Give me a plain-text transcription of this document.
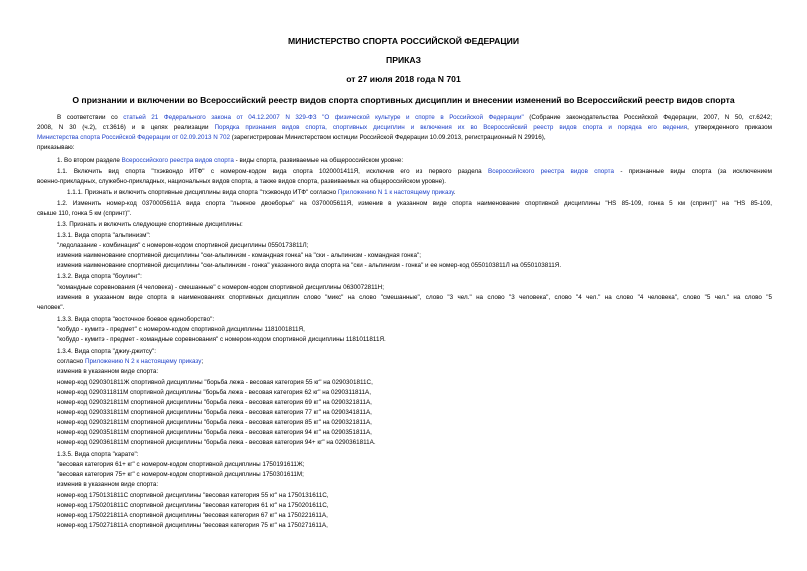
МИНИСТЕРСТВО СПОРТА РОССИЙСКОЙ ФЕДЕРАЦИИ
ПРИКАЗ
от 27 июля 2018 года N 701
О признании и включении во Всероссийский реестр видов спорта спортивных дисциплин и внесении изменений во Всероссийский реестр видов спорта
В соответствии со статьей 21 Федерального закона от 04.12.2007 N 329-ФЗ "О физической культуре и спорте в Российской Федерации" (Собрание законодательства Российской Федерации, 2007, N 50, ст.6242;
2008, N 30 (ч.2), ст.3616) и в целях реализации Порядка признания видов спорта, спортивных дисциплин и включения их во Всероссийский реестр видов спорта и порядка его ведения, утвержденного приказом
Министерства спорта Российской Федерации от 02.09.2013 N 702 (зарегистрирован Министерством юстиции Российской Федерации 10.09.2013, регистрационный N 29916),
приказываю:
1. Во втором разделе Всероссийского реестра видов спорта - виды спорта, развиваемые на общероссийском уровне:
1.1. Включить вид спорта "тхэквондо ИТФ" с номером-кодом вида спорта 1020001411Я, исключив его из первого раздела Всероссийского реестра видов спорта - признанные виды спорта (за исключением
военно-прикладных, служебно-прикладных, национальных видов спорта, а также видов спорта, развиваемых на общероссийском уровне).
1.1.1. Признать и включить спортивные дисциплины вида спорта "тхэквондо ИТФ" согласно Приложению N 1 к настоящему приказу.
1.2. Изменить номер-код 0370005611А вида спорта "лыжное двоеборье" на 0370005611Я, изменив в указанном виде спорта наименование спортивной дисциплины "HS 85-109, гонка 5 км (спринт)" на "HS 85-109,
свыше 110, гонка 5 км (спринт)".
1.3. Признать и включить следующие спортивные дисциплины:
1.3.1. Вида спорта "альпинизм":
"ледолазание - комбинация" с номером-кодом спортивной дисциплины 0550173811Л;
изменив наименование спортивной дисциплины "ски-альпинизм - командная гонка" на "ски - альпинизм - командная гонка";
изменив наименование спортивной дисциплины "ски-альпинизм - гонка" указанного вида спорта на "ски - альпинизм - гонка" и ее номер-код 0550103811Л на 0550103811Я.
1.3.2. Вида спорта "боулинг":
"командные соревнования (4 человека) - смешанные" с номером-кодом спортивной дисциплины 0630072811Н;
изменив в указанном виде спорта в наименованиях спортивных дисциплин слово "микс" на слово "смешанные", слово "3 чел." на слово "3 человека", слово "4 чел." на слово "4 человека", слово "5 чел." на слово "5
человек".
1.3.3. Вида спорта "восточное боевое единоборство":
"кобудо - кумитэ - предмет" с номером-кодом спортивной дисциплины 1181001811Я,
"кобудо - кумитэ - предмет - командные соревнования" с номером-кодом спортивной дисциплины 1181011811Я.
1.3.4. Вида спорта "джиу-джитсу":
согласно Приложению N 2 к настоящему приказу;
изменив в указанном виде спорта:
номер-код 0290301811Ж спортивной дисциплины "борьба лежа - весовая категория 55 кг" на 0290301811С,
номер-код 0290311811М спортивной дисциплины "борьба лежа - весовая категория 62 кг" на 0290311811А,
номер-код 0290321811М спортивной дисциплины "борьба лежа - весовая категория 69 кг" на 0290321811А,
номер-код 0290331811М спортивной дисциплины "борьба лежа - весовая категория 77 кг" на 0290341811А,
номер-код 0290321811М спортивной дисциплины "борьба лежа - весовая категория 85 кг" на 0290321811А,
номер-код 0290351811М спортивной дисциплины "борьба лежа - весовая категория 94 кг" на 0290351811А,
номер-код 0290361811М спортивной дисциплины "борьба лежа - весовая категория 94+ кг" на 0290361811А.
1.3.5. Вида спорта "карате":
"весовая категория 61+ кг" с номером-кодом спортивной дисциплины 1750191611Ж;
"весовая категория 75+ кг" с номером-кодом спортивной дисциплины 1750301611М;
изменив в указанном виде спорта:
номер-код 1750131811С спортивной дисциплины "весовая категория 55 кг" на 1750131611С,
номер-код 1750201811С спортивной дисциплины "весовая категория 61 кг" на 1750201611С,
номер-код 1750221811А спортивной дисциплины "весовая категория 67 кг" на 1750221611А,
номер-код 1750271811А спортивной дисциплины "весовая категория 75 кг" на 1750271611А,
